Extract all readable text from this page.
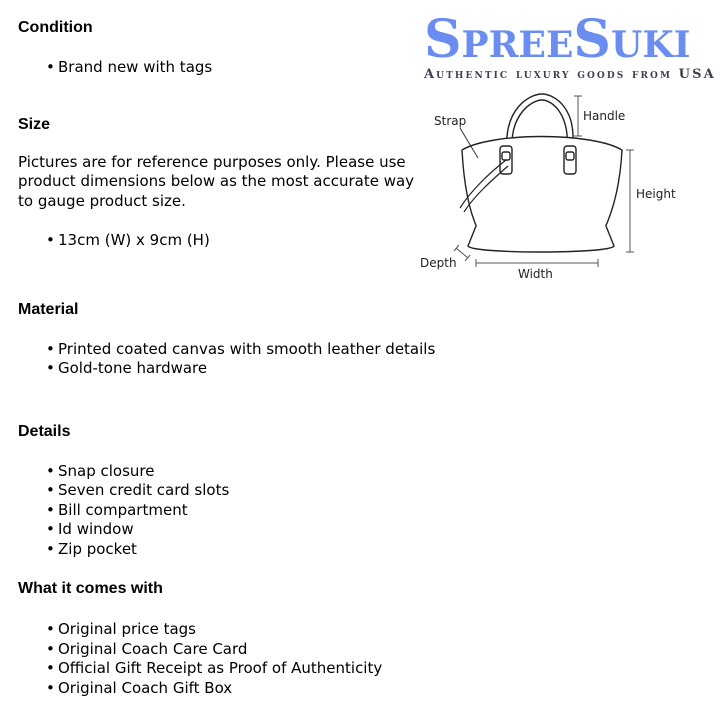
Condition
• Brand new with tags
Size

Pictures are for reference purposes only. Please use product dimensions below as the most accurate way to gauge product size.

• 13cm (W) x 9cm (H)
Material
• Printed coated canvas with smooth leather details
• Gold-tone hardware
Details
• Snap closure
• Seven credit card slots
• Bill compartment
• Id window
• Zip pocket
What it comes with
• Original price tags
• Original Coach Care Card
• Official Gift Receipt as Proof of Authenticity
• Original Coach Gift Box
SpreeSuki
Authentic luxury goods from USA
Strap	Handle
Height
Depth
Width
